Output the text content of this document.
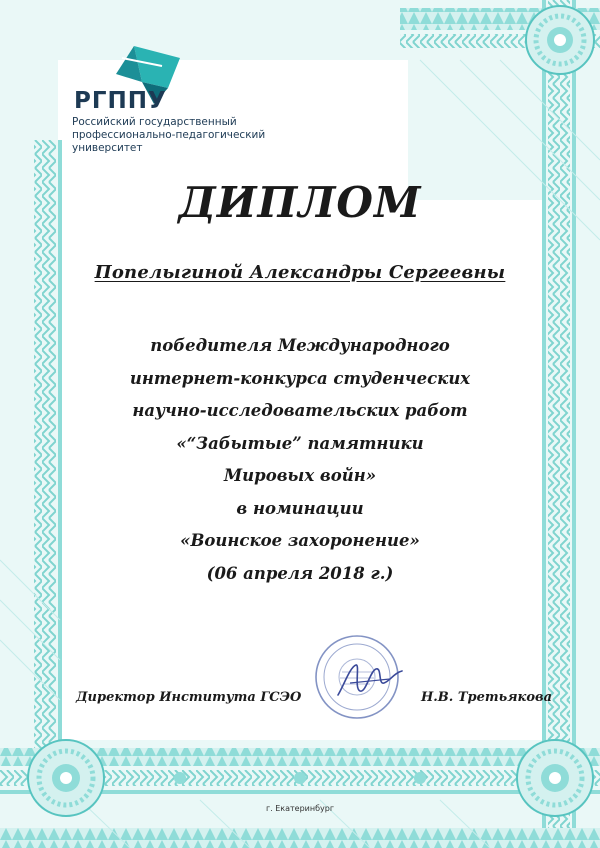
РГППУ
Российский государственный
профессионально-педагогический
университет
ДИПЛОМ
Попелыгиной Александры Сергеевны
победителя Международного
интернет-конкурса студенческих
научно-исследовательских работ
«“Забытые” памятники
Мировых войн»
в номинации
«Воинское захоронение»
(06 апреля 2018 г.)
Директор Института ГСЭО	Н.В. Третьякова
г. Екатеринбург
